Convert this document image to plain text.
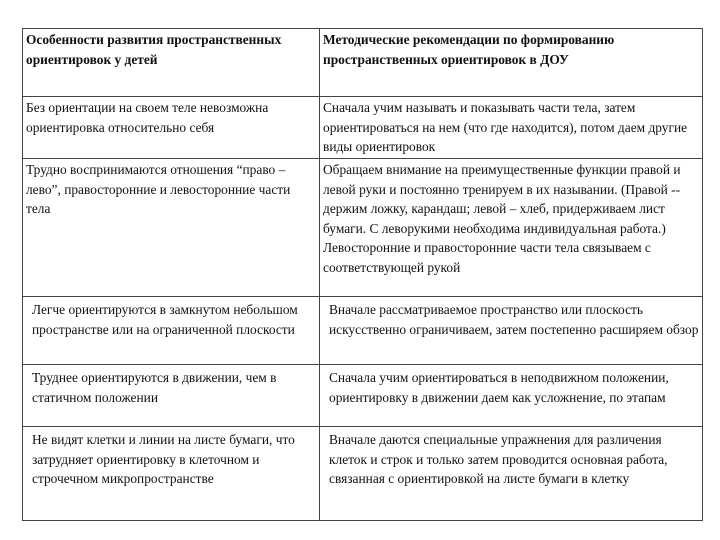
Особенности развития пространственных ориентировок у детей	Методические рекомендации по формированию пространственных ориентировок в ДОУ
Без ориентации на своем теле невозможна ориентировка относительно себя	Сначала учим называть и показывать части тела, затем ориентироваться на нем (что где находится), потом даем другие виды ориентировок
Трудно воспринимаются отношения “право – лево”, правосторонние и левосторонние части тела	Обращаем внимание на преимущественные функции правой и левой руки и постоянно тренируем в их назывании. (Правой -- держим ложку, карандаш; левой – хлеб, придерживаем лист бумаги. С леворукими необходима индивидуальная работа.) Левосторонние и правосторонние части тела связываем с соответствующей рукой
Легче ориентируются в замкнутом небольшом пространстве или на ограниченной плоскости	Вначале рассматриваемое пространство или плоскость искусственно ограничиваем, затем постепенно расширяем обзор
Труднее ориентируются в движении, чем в статичном положении	Сначала учим ориентироваться в неподвижном положении, ориентировку в движении даем как усложнение, по этапам
Не видят клетки и линии на листе бумаги, что затрудняет ориентировку в клеточном и строчечном микропространстве	Вначале даются специальные упражнения для различения клеток и строк и только затем проводится основная работа, связанная с ориентировкой на листе бумаги в клетку
